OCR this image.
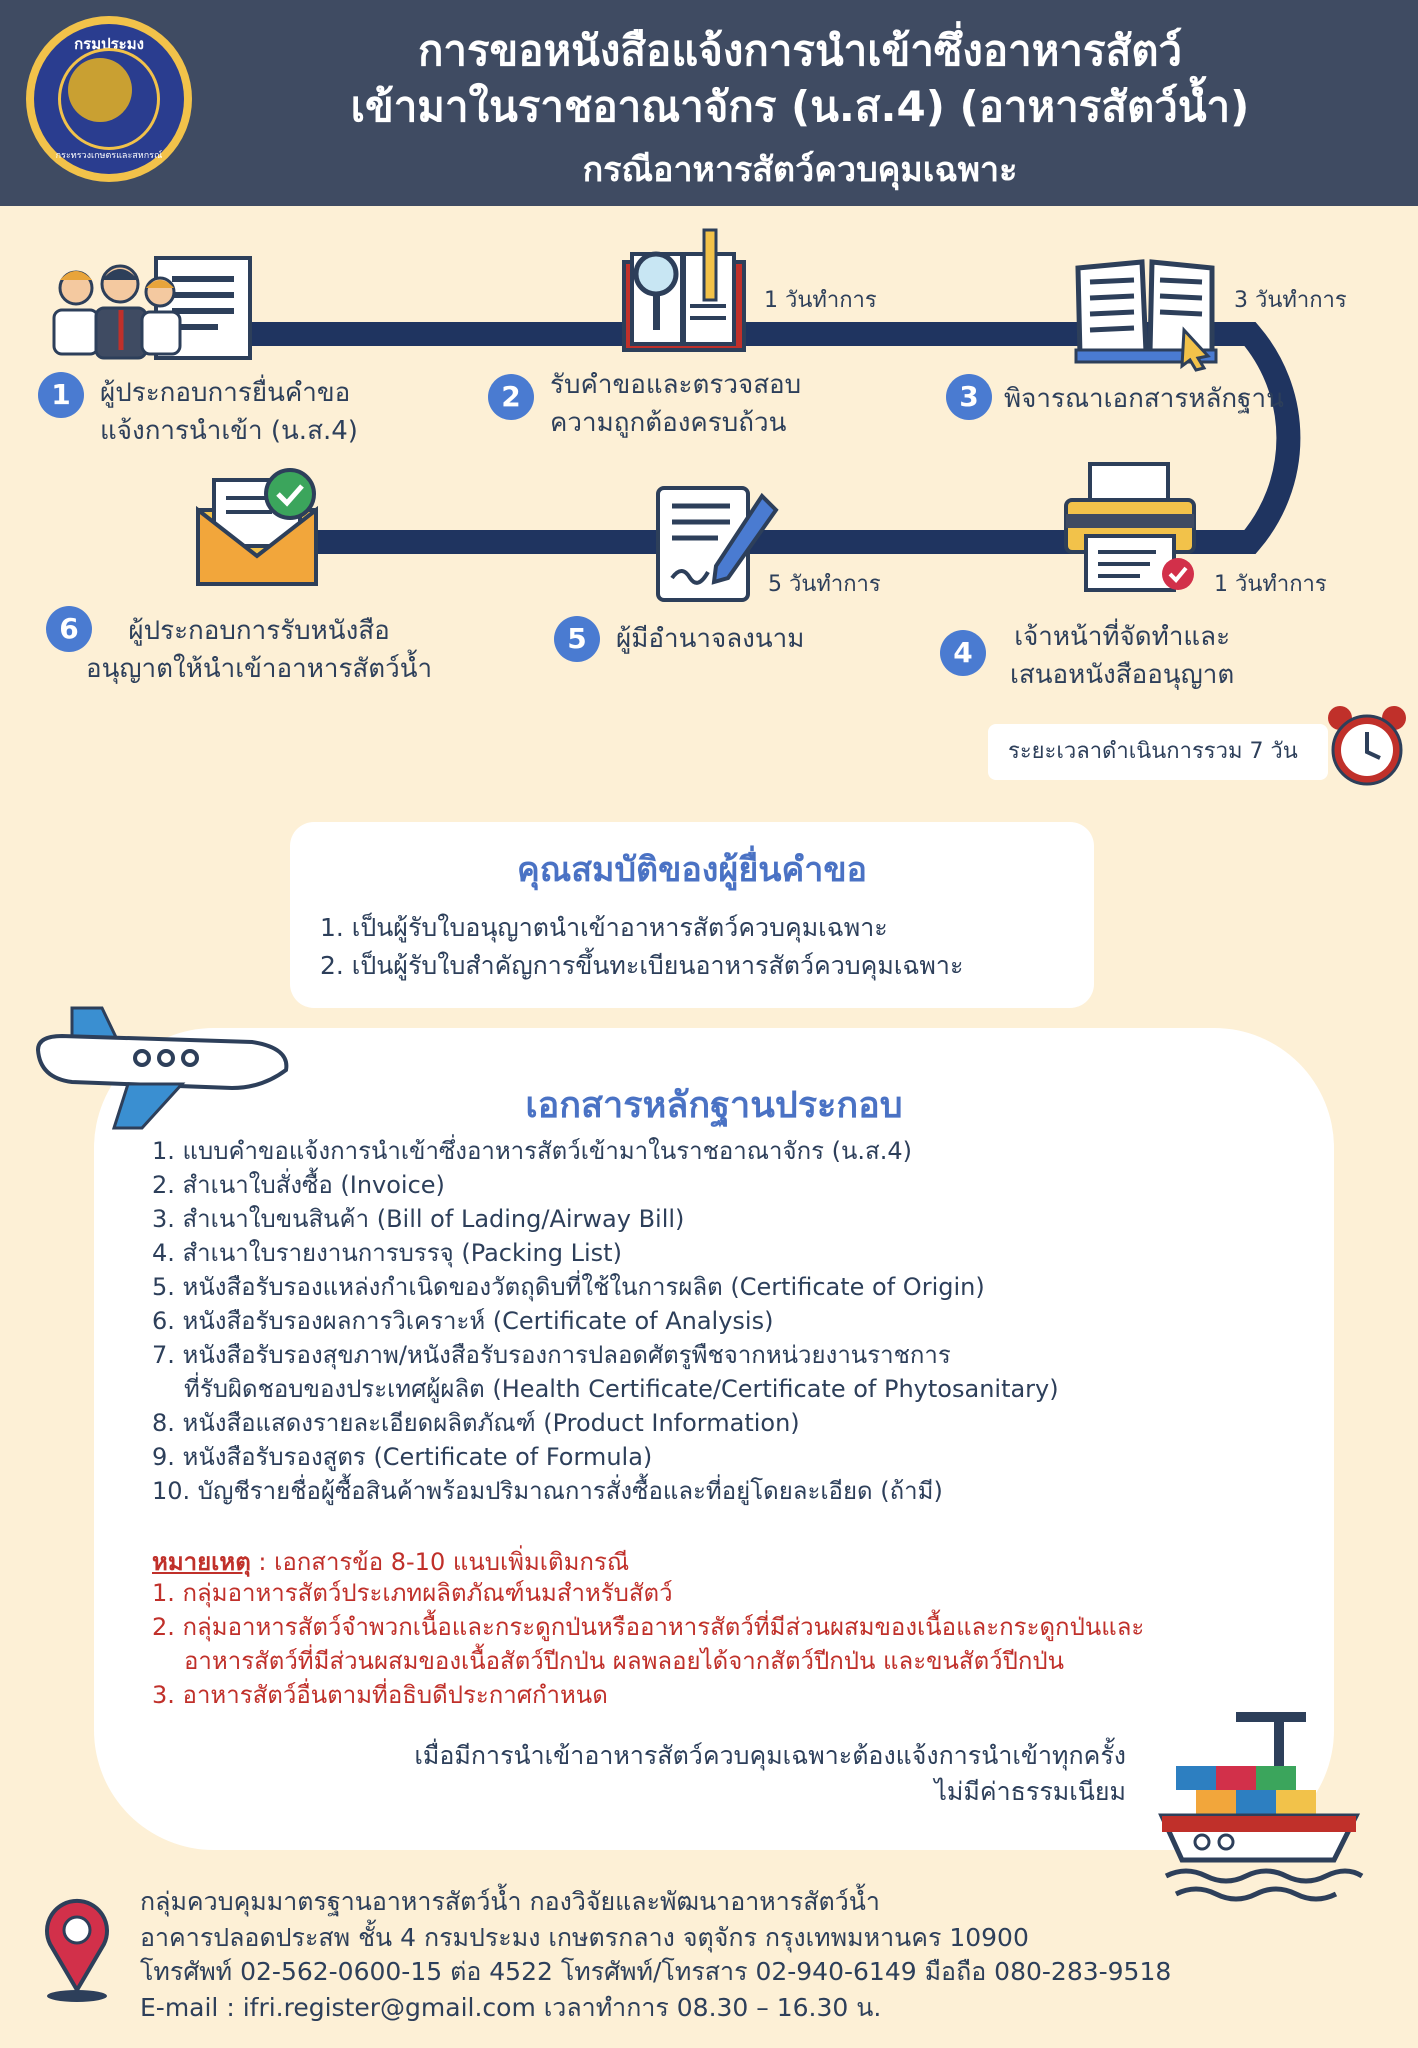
กรมประมง
กระทรวงเกษตรและสหกรณ์
การขอหนังสือแจ้งการนำเข้าซึ่งอาหารสัตว์
เข้ามาในราชอาณาจักร (น.ส.4) (อาหารสัตว์น้ำ)
กรณีอาหารสัตว์ควบคุมเฉพาะ
1	ผู้ประกอบการยื่นคำขอ
แจ้งการนำเข้า (น.ส.4)
1 วันทำการ
2	รับคำขอและตรวจสอบ
ความถูกต้องครบถ้วน
3 วันทำการ
3 พิจารณาเอกสารหลักฐาน
1 วันทำการ
4	เจ้าหน้าที่จัดทำและ
เสนอหนังสืออนุญาต
5 วันทำการ
5	ผู้มีอำนาจลงนาม
6	ผู้ประกอบการรับหนังสือ
อนุญาตให้นำเข้าอาหารสัตว์น้ำ
ระยะเวลาดำเนินการรวม 7 วัน
คุณสมบัติของผู้ยื่นคำขอ
1. เป็นผู้รับใบอนุญาตนำเข้าอาหารสัตว์ควบคุมเฉพาะ
2. เป็นผู้รับใบสำคัญการขึ้นทะเบียนอาหารสัตว์ควบคุมเฉพาะ
เอกสารหลักฐานประกอบ
1. แบบคำขอแจ้งการนำเข้าซึ่งอาหารสัตว์เข้ามาในราชอาณาจักร (น.ส.4)
2. สำเนาใบสั่งซื้อ (Invoice)
3. สำเนาใบขนสินค้า (Bill of Lading/Airway Bill)
4. สำเนาใบรายงานการบรรจุ (Packing List)
5. หนังสือรับรองแหล่งกำเนิดของวัตถุดิบที่ใช้ในการผลิต (Certificate of Origin)
6. หนังสือรับรองผลการวิเคราะห์ (Certificate of Analysis)
7. หนังสือรับรองสุขภาพ/หนังสือรับรองการปลอดศัตรูพืชจากหน่วยงานราชการ
ที่รับผิดชอบของประเทศผู้ผลิต (Health Certificate/Certificate of Phytosanitary)
8. หนังสือแสดงรายละเอียดผลิตภัณฑ์ (Product Information)
9. หนังสือรับรองสูตร (Certificate of Formula)
10. บัญชีรายชื่อผู้ซื้อสินค้าพร้อมปริมาณการสั่งซื้อและที่อยู่โดยละเอียด (ถ้ามี)
หมายเหตุ : เอกสารข้อ 8-10 แนบเพิ่มเติมกรณี
1. กลุ่มอาหารสัตว์ประเภทผลิตภัณฑ์นมสำหรับสัตว์
2. กลุ่มอาหารสัตว์จำพวกเนื้อและกระดูกป่นหรืออาหารสัตว์ที่มีส่วนผสมของเนื้อและกระดูกป่นและ
อาหารสัตว์ที่มีส่วนผสมของเนื้อสัตว์ปีกป่น ผลพลอยได้จากสัตว์ปีกป่น และขนสัตว์ปีกป่น
3. อาหารสัตว์อื่นตามที่อธิบดีประกาศกำหนด
เมื่อมีการนำเข้าอาหารสัตว์ควบคุมเฉพาะต้องแจ้งการนำเข้าทุกครั้ง
ไม่มีค่าธรรมเนียม
กลุ่มควบคุมมาตรฐานอาหารสัตว์น้ำ กองวิจัยและพัฒนาอาหารสัตว์น้ำ
อาคารปลอดประสพ ชั้น 4 กรมประมง เกษตรกลาง จตุจักร กรุงเทพมหานคร 10900
โทรศัพท์ 02-562-0600-15 ต่อ 4522 โทรศัพท์/โทรสาร 02-940-6149 มือถือ 080-283-9518
E-mail : ifri.register@gmail.com เวลาทำการ 08.30 – 16.30 น.
